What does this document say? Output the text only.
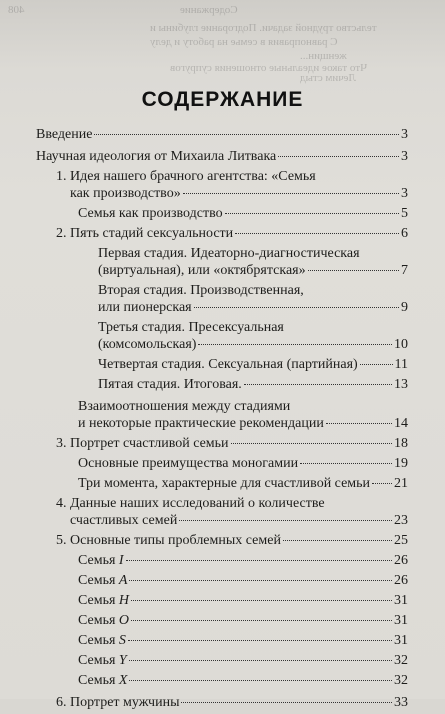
408	Содержание
тельство трудной задачи. Подгорание глубины и
С равноправия в семье на работу и делу
женщин...
Что такое идеальные отношения супругов
Лечим стыд
СОДЕРЖАНИЕ
Введение	3
Научная идеология от Михаила Литвака	3
1. Идея нашего брачного агентства: «Семья
как производство»	3
Семья как производство	5
2. Пять стадий сексуальности	6
Первая стадия. Идеаторно-диагностическая
(виртуальная), или «октябрятская»	7
Вторая стадия. Производственная,
или пионерская	9
Третья стадия. Пресексуальная
(комсомольская)	10
Четвертая стадия. Сексуальная (партийная)	11
Пятая стадия. Итоговая.	13
Взаимоотношения между стадиями
и некоторые практические рекомендации	14
3. Портрет счастливой семьи	18
Основные преимущества моногамии	19
Три момента, характерные для счастливой семьи 21
4. Данные наших исследований о количестве
счастливых семей	23
5. Основные типы проблемных семей	25
Семья I	26
Семья A	26
Семья H	31
Семья O	31
Семья S	31
Семья Y	32
Семья X	32
6. Портрет мужчины	33
